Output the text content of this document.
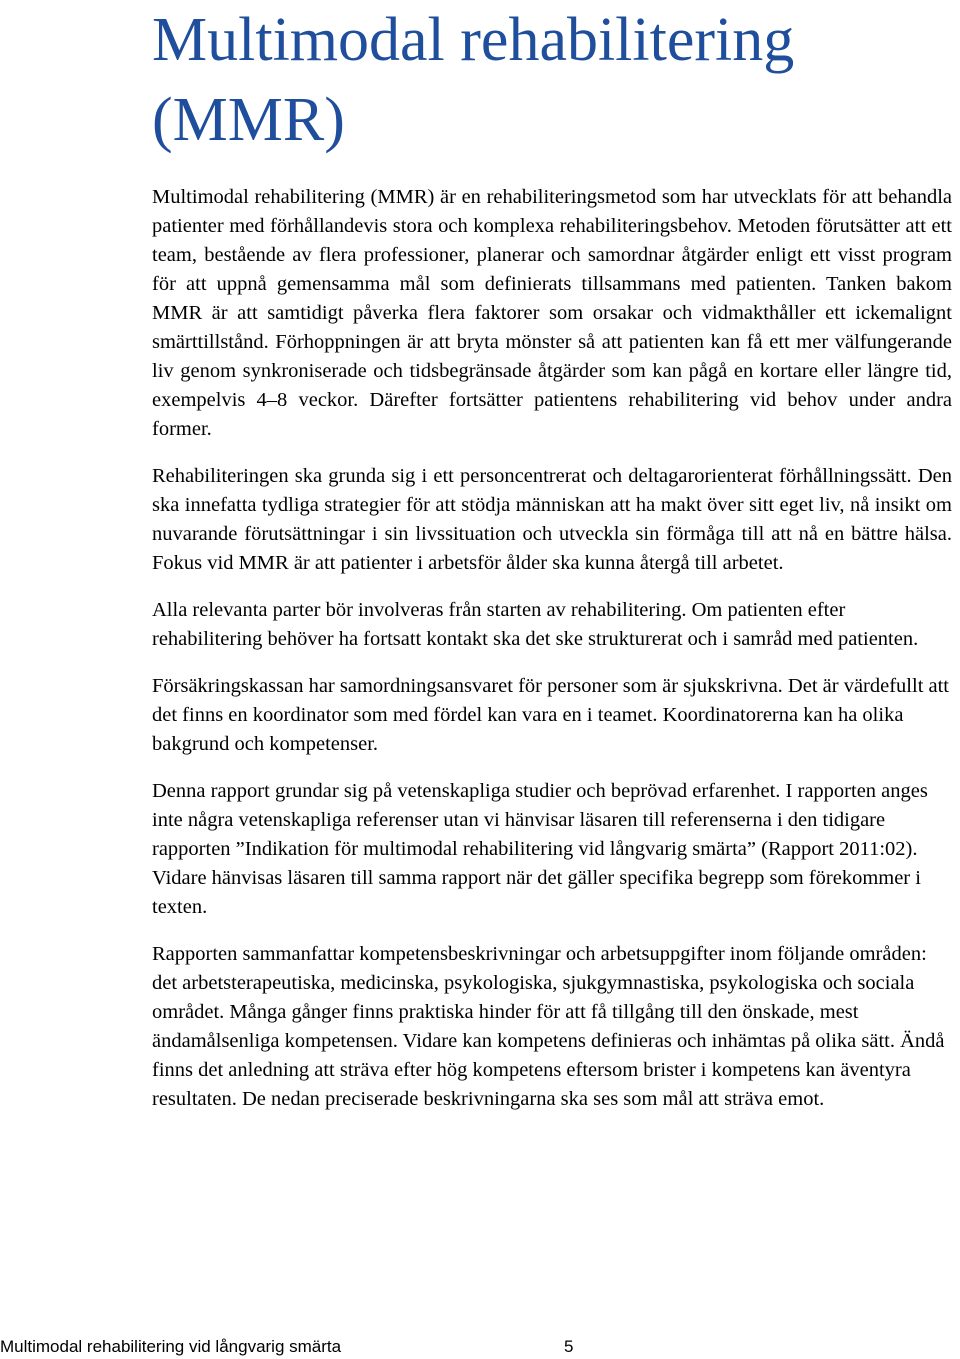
Multimodal rehabilitering (MMR)

Multimodal rehabilitering (MMR) är en rehabiliteringsmetod som har utvecklats för att behandla patienter med förhållandevis stora och komplexa rehabiliteringsbehov. Metoden förutsätter att ett team, bestående av flera professioner, planerar och samordnar åtgärder enligt ett visst program för att uppnå gemensamma mål som definierats tillsammans med patienten. Tanken bakom MMR är att samtidigt påverka flera faktorer som orsakar och vidmakthåller ett ickemalignt smärttillstånd. Förhoppningen är att bryta mönster så att patienten kan få ett mer välfungerande liv genom synkroniserade och tidsbegränsade åtgärder som kan pågå en kortare eller längre tid, exempelvis 4–8 veckor. Därefter fortsätter patientens rehabilitering vid behov under andra former.

Rehabiliteringen ska grunda sig i ett personcentrerat och deltagarorienterat förhållningssätt. Den ska innefatta tydliga strategier för att stödja människan att ha makt över sitt eget liv, nå insikt om nuvarande förutsättningar i sin livssituation och utveckla sin förmåga till att nå en bättre hälsa. Fokus vid MMR är att patienter i arbetsför ålder ska kunna återgå till arbetet.

Alla relevanta parter bör involveras från starten av rehabilitering. Om patienten efter rehabilitering behöver ha fortsatt kontakt ska det ske strukturerat och i samråd med patienten.

Försäkringskassan har samordningsansvaret för personer som är sjukskrivna. Det är värdefullt att det finns en koordinator som med fördel kan vara en i teamet. Koordinatorerna kan ha olika bakgrund och kompetenser.

Denna rapport grundar sig på vetenskapliga studier och beprövad erfarenhet. I rapporten anges inte några vetenskapliga referenser utan vi hänvisar läsaren till referenserna i den tidigare rapporten ”Indikation för multimodal rehabilitering vid långvarig smärta” (Rapport 2011:02). Vidare hänvisas läsaren till samma rapport när det gäller specifika begrepp som förekommer i texten.

Rapporten sammanfattar kompetensbeskrivningar och arbetsuppgifter inom följande områden: det arbetsterapeutiska, medicinska, psykologiska, sjukgymnastiska, psykologiska och sociala området. Många gånger finns praktiska hinder för att få tillgång till den önskade, mest ändamålsenliga kompetensen. Vidare kan kompetens definieras och inhämtas på olika sätt. Ändå finns det anledning att sträva efter hög kompetens eftersom brister i kompetens kan äventyra resultaten. De nedan preciserade beskrivningarna ska ses som mål att sträva emot.

Multimodal rehabilitering vid långvarig smärta	5
